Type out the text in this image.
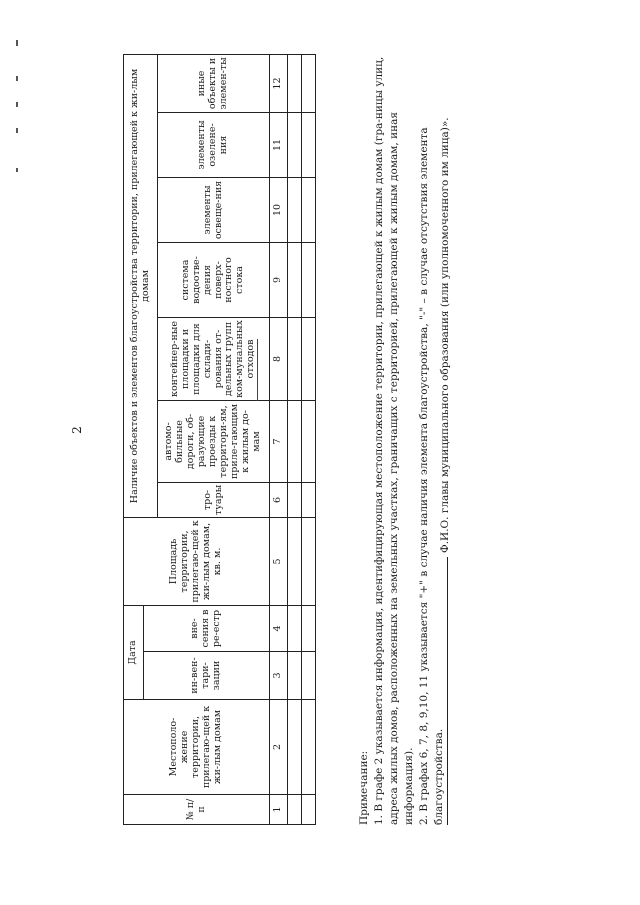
2
№ п/п	Местополо-жение территории, прилегаю-щей к жи-лым домам	Дата		Площадь территории, прилегаю-щей к жи-лым домам, кв. м.	Наличие объектов и элементов благоустройства территории, прилегающей к жи-лым домам						
		ин-вен-тари-зации	вне-сения в ре-естр								
					тро-туары	автомо-бильные дороги, об-разующие проезды к территори-ям, приле-гающим к жилым до-мам	контейнер-ные площадки и площадки для склади-рования от-дельных групп ком-мунальных отходов	система водоотве-дения поверх-ностного стока	элементы освеще-ния	элементы озелене-ния	иные объекты и элемен-ты
1	2	3	4	5	6	7	8	9	10	11	12

Примечание: 1. В графе 2 указывается информация, идентифицирующая местоположение территории, прилегающей к жилым домам (гра-ницы улиц, адреса жилых домов, расположенных на земельных участках, граничащих с территорией, прилегающей к жилым домам, иная информация). 2. В графах 6, 7, 8, 9,10, 11 указывается "+" в случае наличия элемента благоустройства, "-" – в случае отсутствия элемента благоустройства.

Ф.И.О. главы муниципального образования (или уполномоченного им лица)».
